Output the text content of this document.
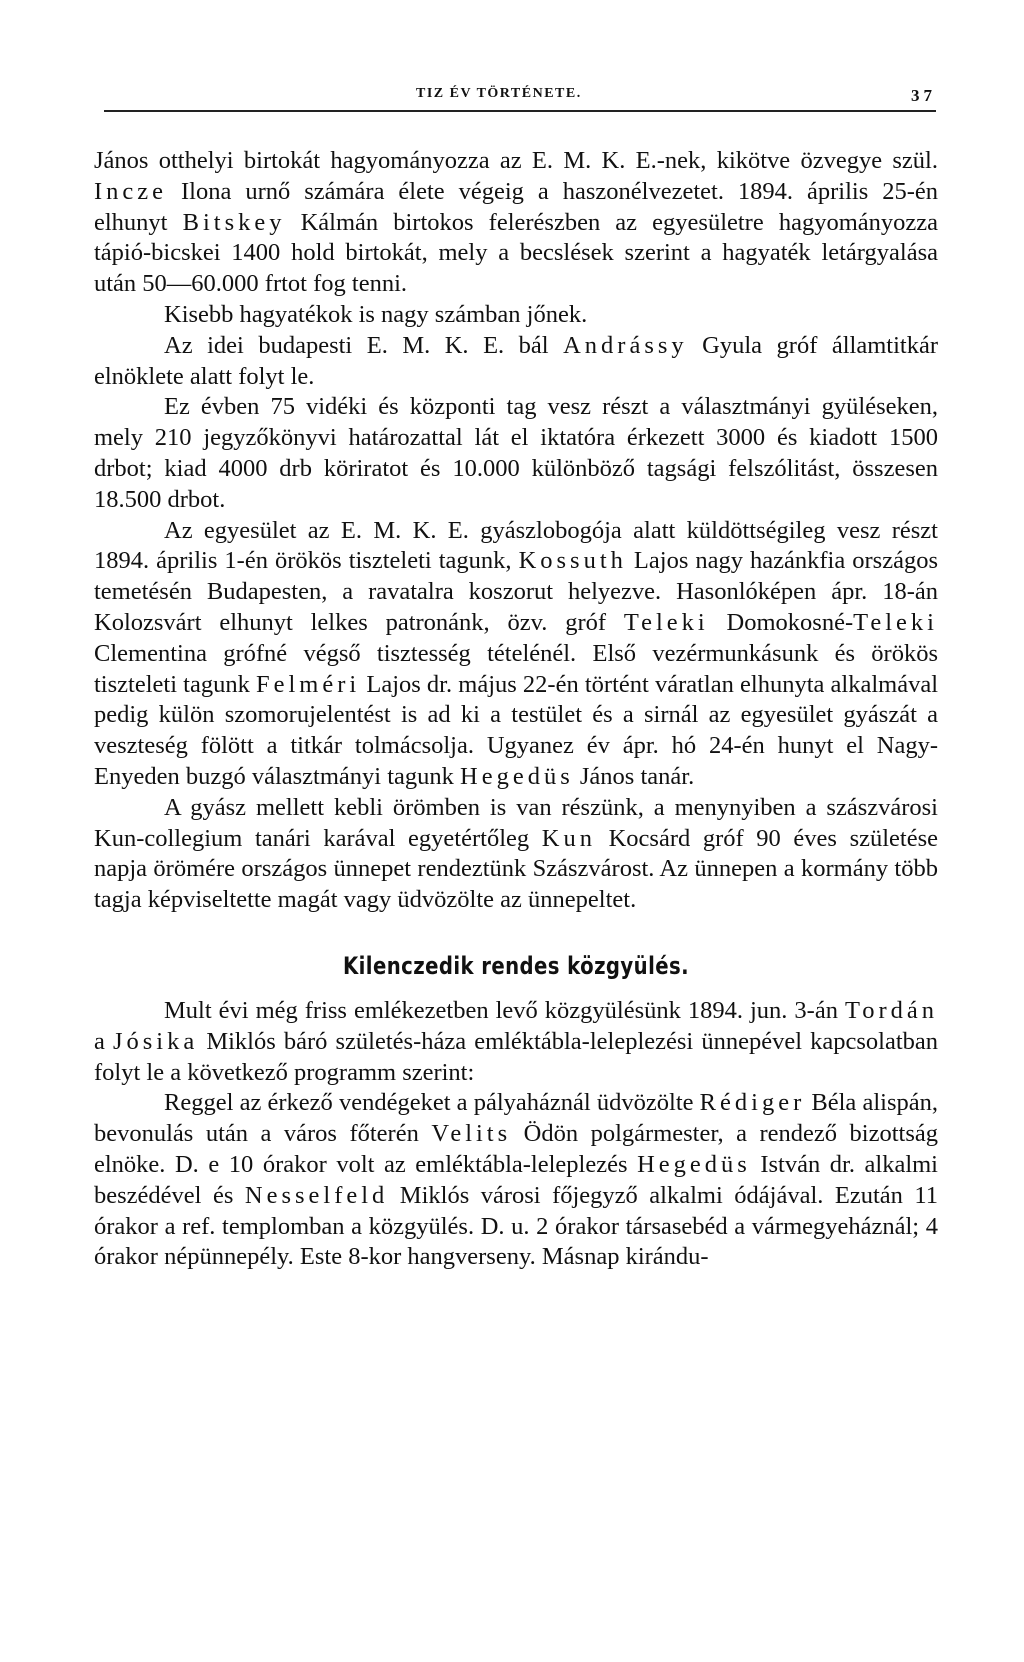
TIZ ÉV TÖRTÉNETE.	37

János otthelyi birtokát hagyományozza az E. M. K. E.-nek, kikötve özvegye szül. Incze Ilona urnő számára élete végeig a haszonélvezetet. 1894. április 25-én elhunyt Bitskey Kálmán birtokos felerészben az egyesületre hagyományozza tápió-bicskei 1400 hold birtokát, mely a becslések szerint a hagyaték letárgyalása után 50—60.000 frtot fog tenni.

Kisebb hagyatékok is nagy számban jőnek.

Az idei budapesti E. M. K. E. bál Andrássy Gyula gróf államtitkár elnöklete alatt folyt le.

Ez évben 75 vidéki és központi tag vesz részt a választmányi gyüléseken, mely 210 jegyzőkönyvi határozattal lát el iktatóra érkezett 3000 és kiadott 1500 drbot; kiad 4000 drb köriratot és 10.000 különböző tagsági felszólitást, összesen 18.500 drbot.

Az egyesület az E. M. K. E. gyászlobogója alatt küldöttségileg vesz részt 1894. április 1-én örökös tiszteleti tagunk, Kossuth Lajos nagy hazánkfia országos temetésén Budapesten, a ravatalra koszorut helyezve. Hasonlóképen ápr. 18-án Kolozsvárt elhunyt lelkes patronánk, özv. gróf Teleki Domokosné-Teleki Clementina grófné végső tisztesség tételénél. Első vezérmunkásunk és örökös tiszteleti tagunk Felméri Lajos dr. május 22-én történt váratlan elhunyta alkalmával pedig külön szomorujelentést is ad ki a testület és a sirnál az egyesület gyászát a veszteség fölött a titkár tolmácsolja. Ugyanez év ápr. hó 24-én hunyt el Nagy-Enyeden buzgó választmányi tagunk Hegedüs János tanár.

A gyász mellett kebli örömben is van részünk, a menynyiben a szászvárosi Kun-collegium tanári karával egyetértőleg Kun Kocsárd gróf 90 éves születése napja örömére országos ünnepet rendeztünk Szászvárost. Az ünnepen a kormány több tagja képviseltette magát vagy üdvözölte az ünnepeltet.

Kilenczedik rendes közgyülés.

Mult évi még friss emlékezetben levő közgyülésünk 1894. jun. 3-án Tordán a Jósika Miklós báró születés-háza emléktábla-leleplezési ünnepével kapcsolatban folyt le a következő programm szerint:

Reggel az érkező vendégeket a pályaháznál üdvözölte Rédiger Béla alispán, bevonulás után a város főterén Velits Ödön polgármester, a rendező bizottság elnöke. D. e 10 órakor volt az emléktábla-leleplezés Hegedüs István dr. alkalmi beszédével és Nesselfeld Miklós városi főjegyző alkalmi ódájával. Ezután 11 órakor a ref. templomban a közgyülés. D. u. 2 órakor társasebéd a vármegyeháznál; 4 órakor népünnepély. Este 8-kor hangverseny. Másnap kirándu-
